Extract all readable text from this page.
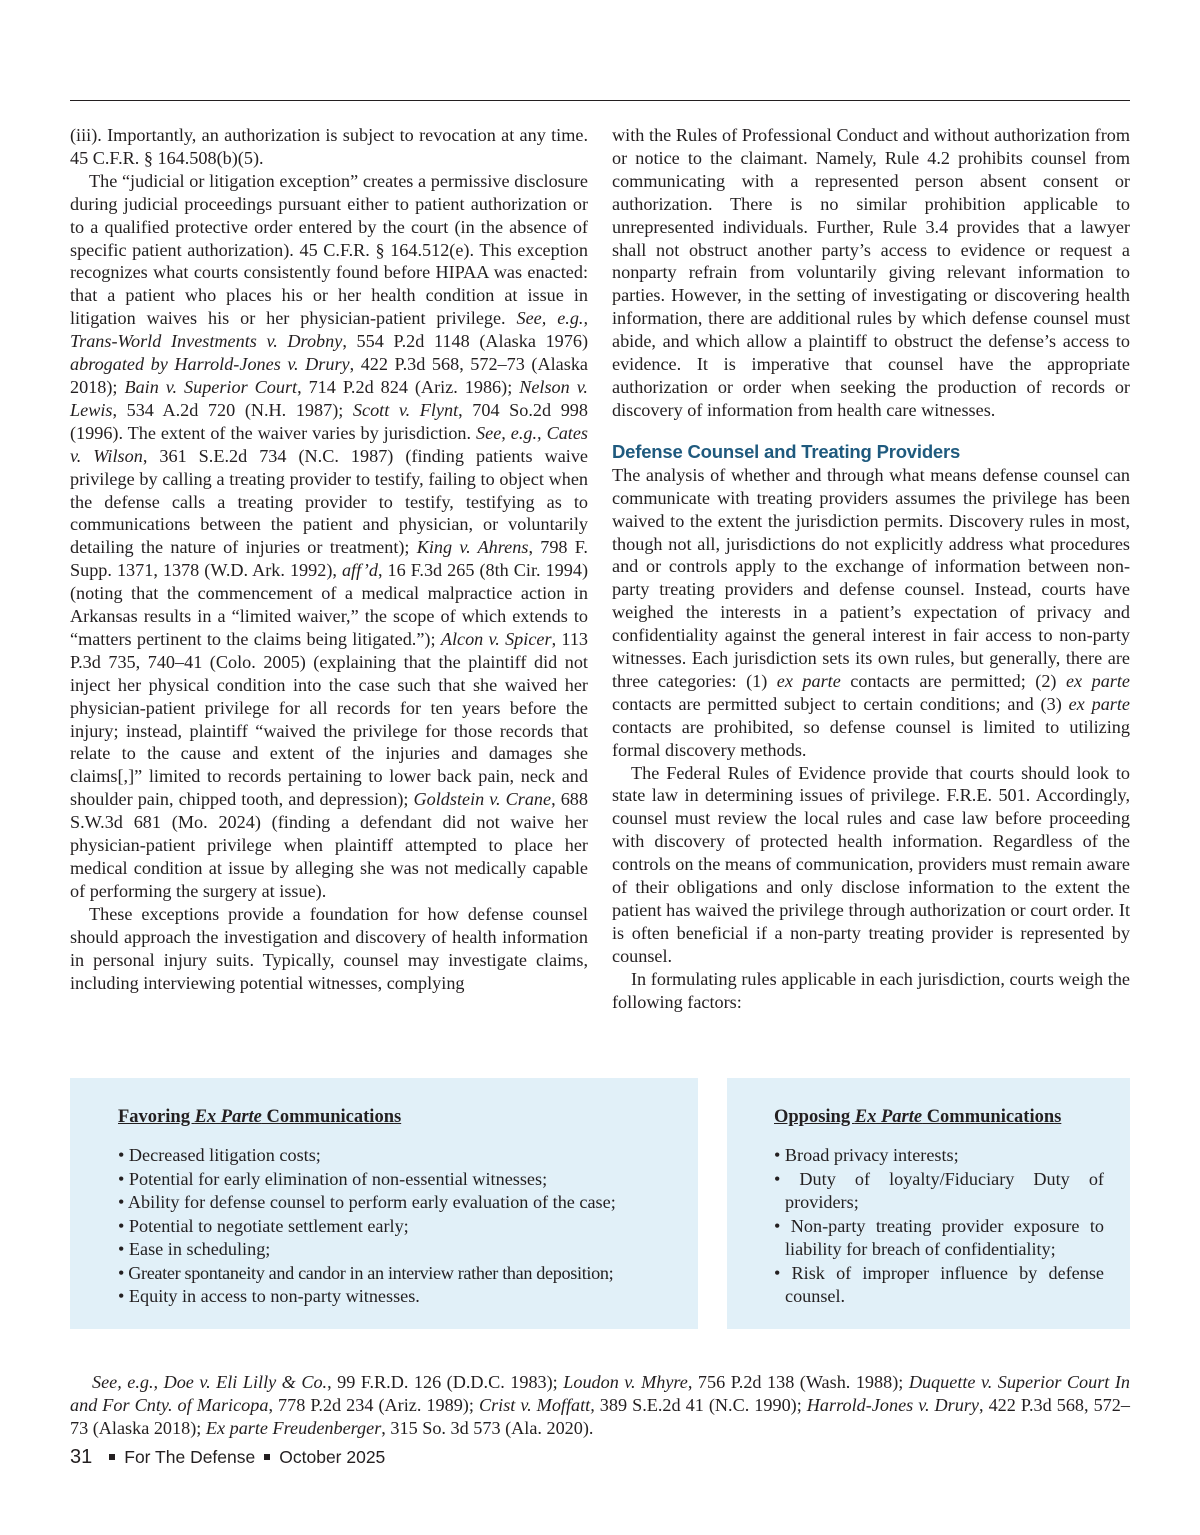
(iii). Importantly, an authorization is subject to revocation at any time. 45 C.F.R. § 164.508(b)(5).

The “judicial or litigation exception” creates a permissive disclosure during judicial proceedings pursuant either to patient authorization or to a qualified protective order entered by the court (in the absence of specific patient authorization). 45 C.F.R. § 164.512(e). This exception recognizes what courts consistently found before HIPAA was enacted: that a patient who places his or her health condition at issue in litigation waives his or her physician-patient privilege. See, e.g., Trans-World Investments v. Drobny, 554 P.2d 1148 (Alaska 1976) abrogated by Harrold-Jones v. Drury, 422 P.3d 568, 572–73 (Alaska 2018); Bain v. Superior Court, 714 P.2d 824 (Ariz. 1986); Nelson v. Lewis, 534 A.2d 720 (N.H. 1987); Scott v. Flynt, 704 So.2d 998 (1996). The extent of the waiver varies by jurisdiction. See, e.g., Cates v. Wilson, 361 S.E.2d 734 (N.C. 1987) (finding patients waive privilege by calling a treating provider to testify, failing to object when the defense calls a treating provider to testify, testifying as to communications between the patient and physician, or voluntarily detailing the nature of injuries or treatment); King v. Ahrens, 798 F. Supp. 1371, 1378 (W.D. Ark. 1992), aff’d, 16 F.3d 265 (8th Cir. 1994) (noting that the commencement of a medical malpractice action in Arkansas results in a “limited waiver,” the scope of which extends to “matters pertinent to the claims being litigated.”); Alcon v. Spicer, 113 P.3d 735, 740–41 (Colo. 2005) (explaining that the plaintiff did not inject her physical condition into the case such that she waived her physician-patient privilege for all records for ten years before the injury; instead, plaintiff “waived the privilege for those records that relate to the cause and extent of the injuries and damages she claims[,]” limited to records pertaining to lower back pain, neck and shoulder pain, chipped tooth, and depression); Goldstein v. Crane, 688 S.W.3d 681 (Mo. 2024) (finding a defendant did not waive her physician-patient privilege when plaintiff attempted to place her medical condition at issue by alleging she was not medically capable of performing the surgery at issue).

These exceptions provide a foundation for how defense counsel should approach the investigation and discovery of health information in personal injury suits. Typically, counsel may investigate claims, including interviewing potential witnesses, complying

with the Rules of Professional Conduct and without authorization from or notice to the claimant. Namely, Rule 4.2 prohibits counsel from communicating with a represented person absent consent or authorization. There is no similar prohibition applicable to unrepresented individuals. Further, Rule 3.4 provides that a lawyer shall not obstruct another party’s access to evidence or request a nonparty refrain from voluntarily giving relevant information to parties. However, in the setting of investigating or discovering health information, there are additional rules by which defense counsel must abide, and which allow a plaintiff to obstruct the defense’s access to evidence. It is imperative that counsel have the appropriate authorization or order when seeking the production of records or discovery of information from health care witnesses.

Defense Counsel and Treating Providers

The analysis of whether and through what means defense counsel can communicate with treating providers assumes the privilege has been waived to the extent the jurisdiction permits. Discovery rules in most, though not all, jurisdictions do not explicitly address what procedures and or controls apply to the exchange of information between non-party treating providers and defense counsel. Instead, courts have weighed the interests in a patient’s expectation of privacy and confidentiality against the general interest in fair access to non-party witnesses. Each jurisdiction sets its own rules, but generally, there are three categories: (1) ex parte contacts are permitted; (2) ex parte contacts are permitted subject to certain conditions; and (3) ex parte contacts are prohibited, so defense counsel is limited to utilizing formal discovery methods.

The Federal Rules of Evidence provide that courts should look to state law in determining issues of privilege. F.R.E. 501. Accordingly, counsel must review the local rules and case law before proceeding with discovery of protected health information. Regardless of the controls on the means of communication, providers must remain aware of their obligations and only disclose information to the extent the patient has waived the privilege through authorization or court order. It is often beneficial if a non-party treating provider is represented by counsel.

In formulating rules applicable in each jurisdiction, courts weigh the following factors:

Favoring Ex Parte Communications
• Decreased litigation costs;
• Potential for early elimination of non-essential witnesses;
• Ability for defense counsel to perform early evaluation of the case;
• Potential to negotiate settlement early;
• Ease in scheduling;
• Greater spontaneity and candor in an interview rather than deposition;
• Equity in access to non-party witnesses.
Opposing Ex Parte Communications
• Broad privacy interests;
• Duty of loyalty/Fiduciary Duty of providers;
• Non-party treating provider exposure to liability for breach of confidentiality;
• Risk of improper influence by defense counsel.

See, e.g., Doe v. Eli Lilly & Co., 99 F.R.D. 126 (D.D.C. 1983); Loudon v. Mhyre, 756 P.2d 138 (Wash. 1988); Duquette v. Superior Court In and For Cnty. of Maricopa, 778 P.2d 234 (Ariz. 1989); Crist v. Moffatt, 389 S.E.2d 41 (N.C. 1990); Harrold-Jones v. Drury, 422 P.3d 568, 572–73 (Alaska 2018); Ex parte Freudenberger, 315 So. 3d 573 (Ala. 2020).

31 For The Defense October 2025
